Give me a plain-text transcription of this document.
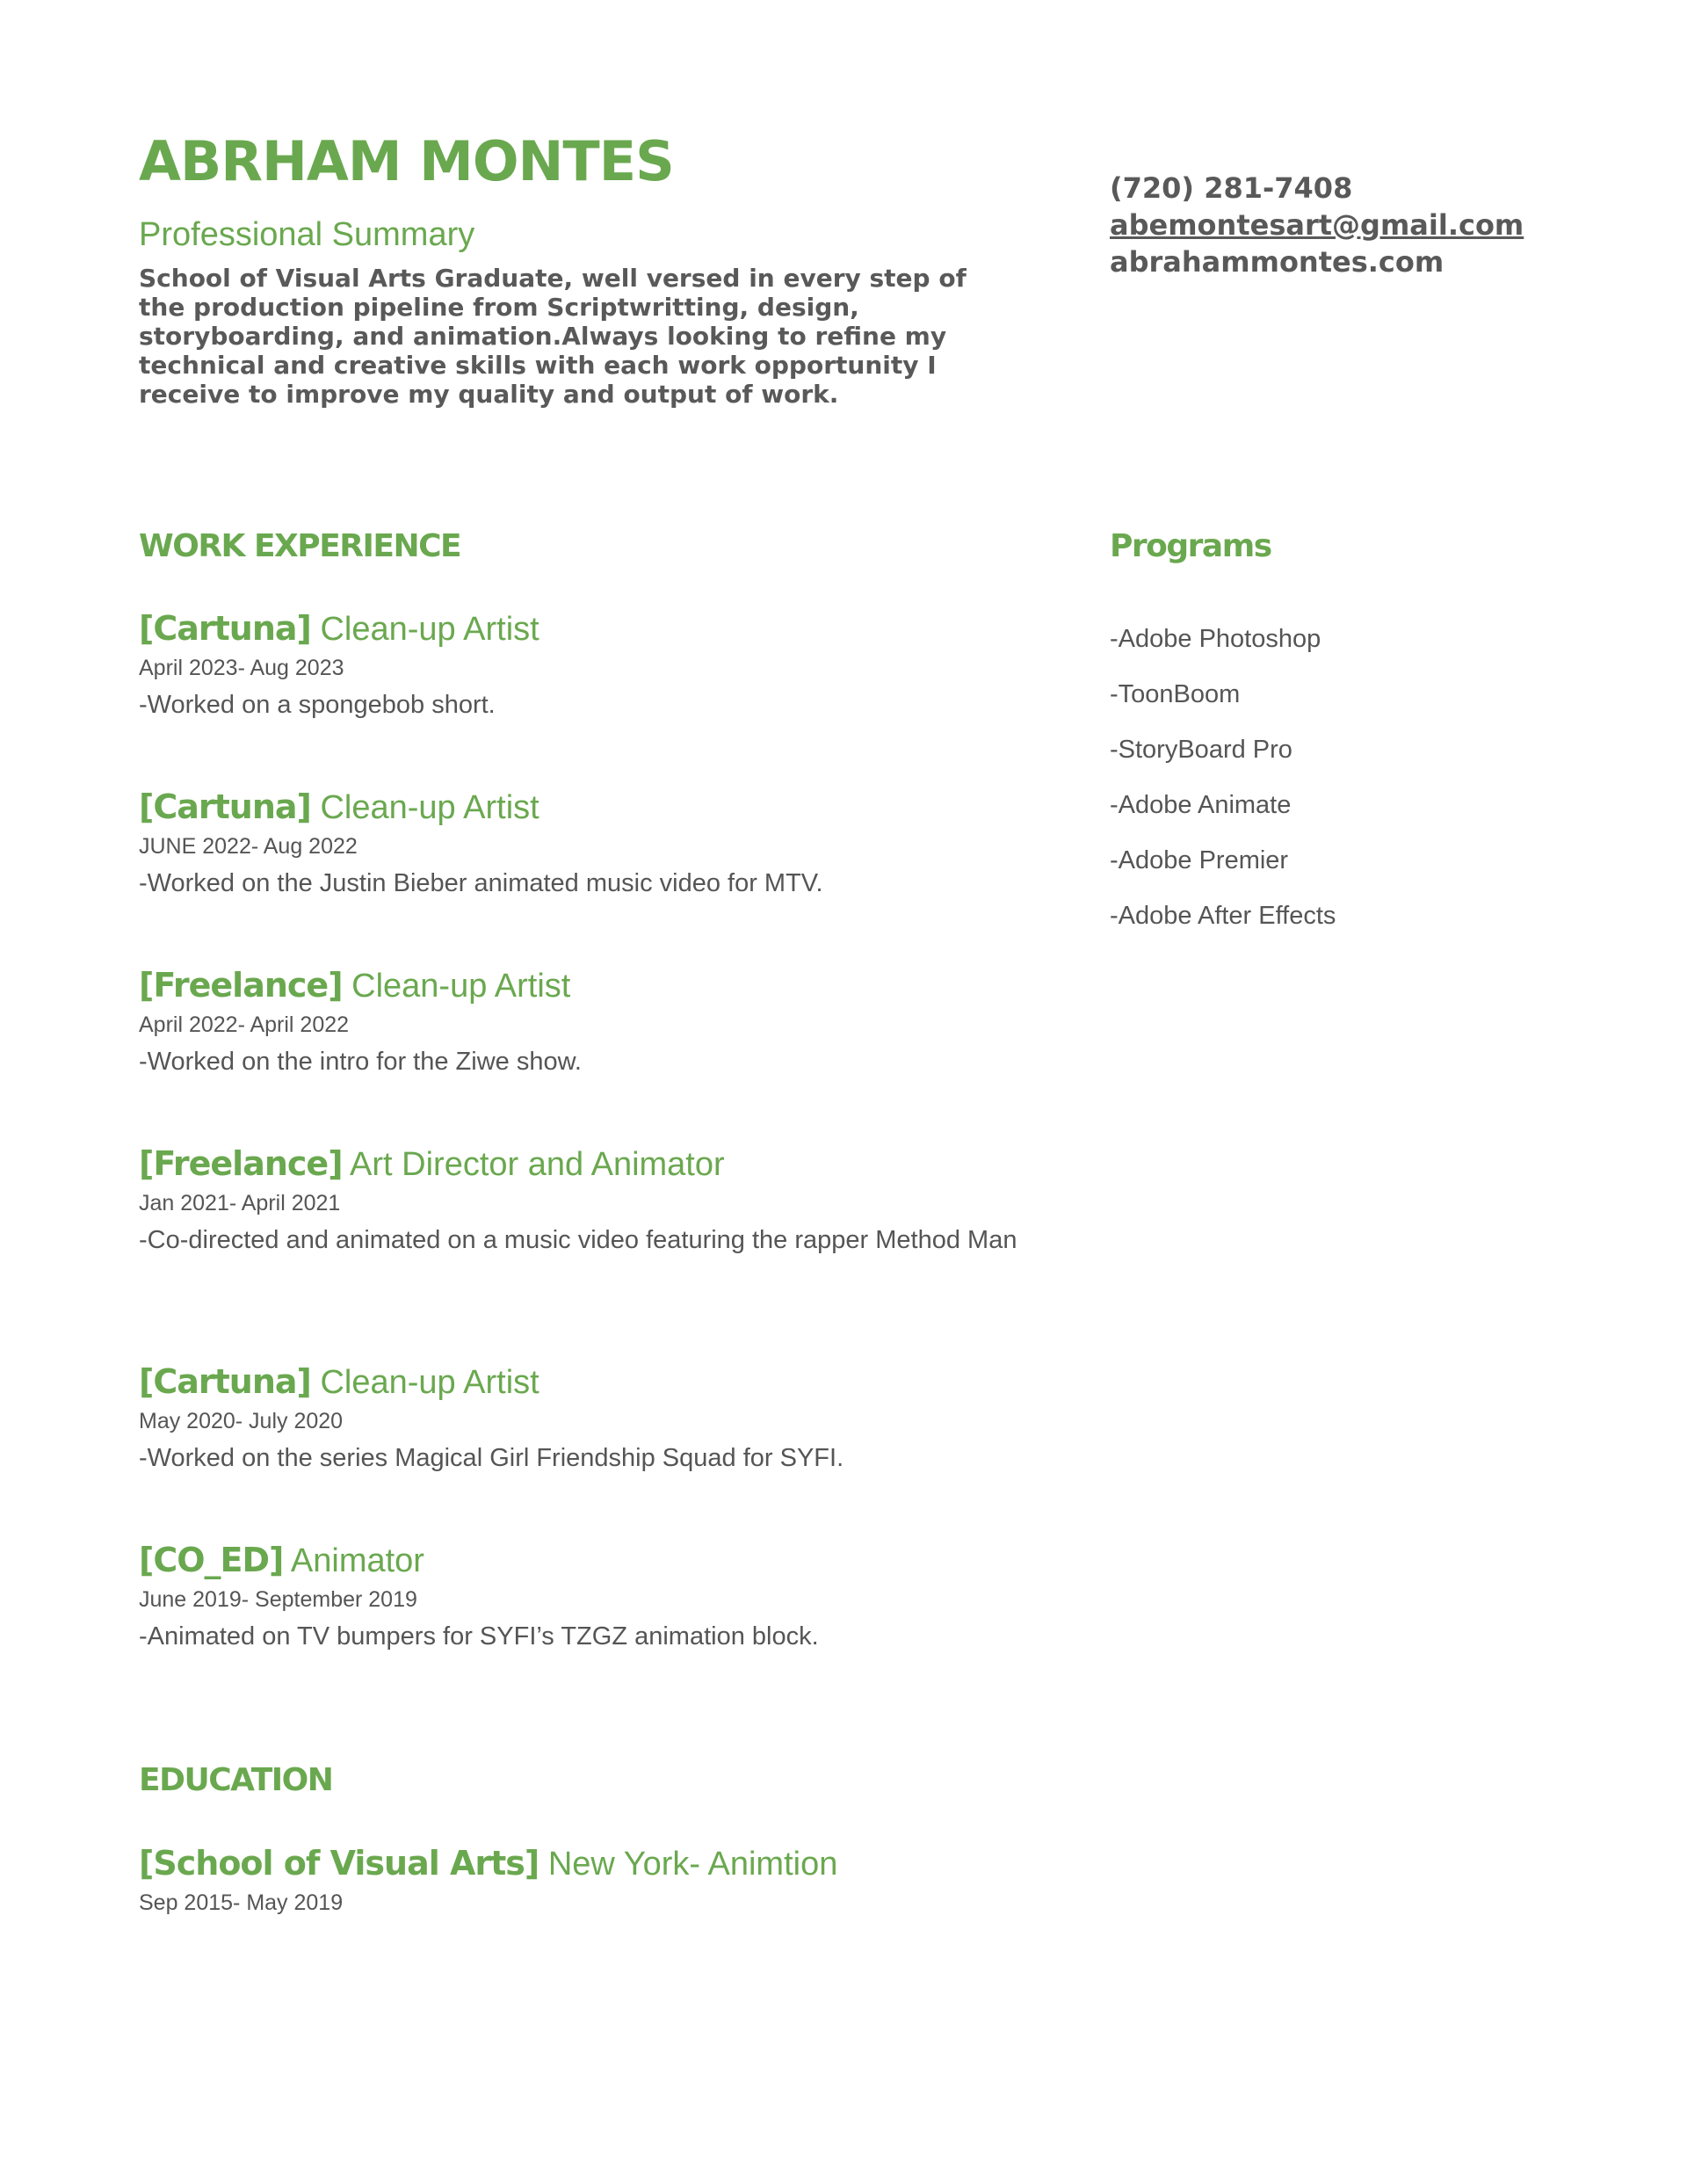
ABRHAM MONTES
Professional Summary
School of Visual Arts Graduate, well versed in every step of the production pipeline from Scriptwritting, design, storyboarding, and animation.Always looking to refine my technical and creative skills with each work opportunity I receive to improve my quality and output of work.
(720) 281-7408
abemontesart@gmail.com
abrahammontes.com
WORK EXPERIENCE
[Cartuna] Clean-up Artist
April 2023- Aug 2023
-Worked on a spongebob short.
[Cartuna] Clean-up Artist
JUNE 2022- Aug 2022
-Worked on the Justin Bieber animated music video for MTV.
[Freelance] Clean-up Artist
April 2022- April 2022
-Worked on the intro for the Ziwe show.
[Freelance] Art Director and Animator
Jan 2021- April 2021
-Co-directed and animated on a music video featuring the rapper Method Man
[Cartuna] Clean-up Artist
May 2020- July 2020
-Worked on the series Magical Girl Friendship Squad for SYFI.
[CO_ED] Animator
June 2019- September 2019
-Animated on TV bumpers for SYFI’s TZGZ animation block.
Programs
-Adobe Photoshop
-ToonBoom
-StoryBoard Pro
-Adobe Animate
-Adobe Premier
-Adobe After Effects
EDUCATION
[School of Visual Arts] New York- Animtion
Sep 2015- May 2019
